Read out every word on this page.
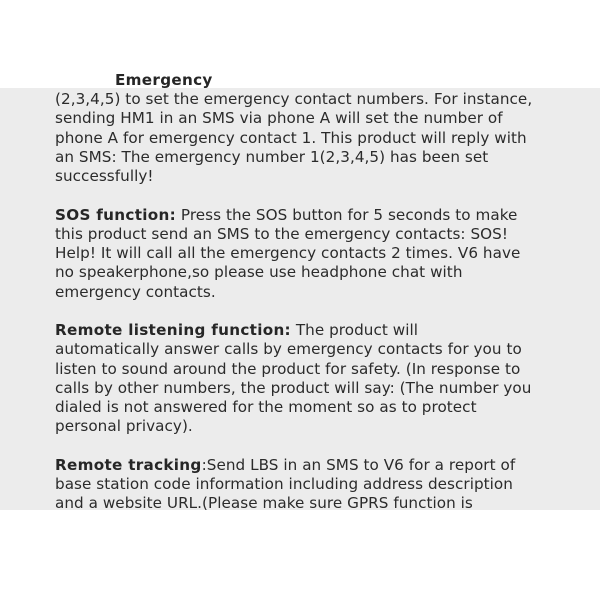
Emergency
(2,3,4,5) to set the emergency contact numbers. For instance,
sending HM1 in an SMS via phone A will set the number of
phone A for emergency contact 1. This product will reply with
an SMS: The emergency number 1(2,3,4,5) has been set
successfully!
SOS function: Press the SOS button for 5 seconds to make
this product send an SMS to the emergency contacts: SOS!
Help! It will call all the emergency contacts 2 times. V6 have
no speakerphone,so please use headphone chat with
emergency contacts.
Remote listening function: The product will
automatically answer calls by emergency contacts for you to
listen to sound around the product for safety. (In response to
calls by other numbers, the product will say: (The number you
dialed is not answered for the moment so as to protect
personal privacy).
Remote tracking:Send LBS in an SMS to V6 for a report of
base station code information including address description
and a website URL.(Please make sure GPRS function is
